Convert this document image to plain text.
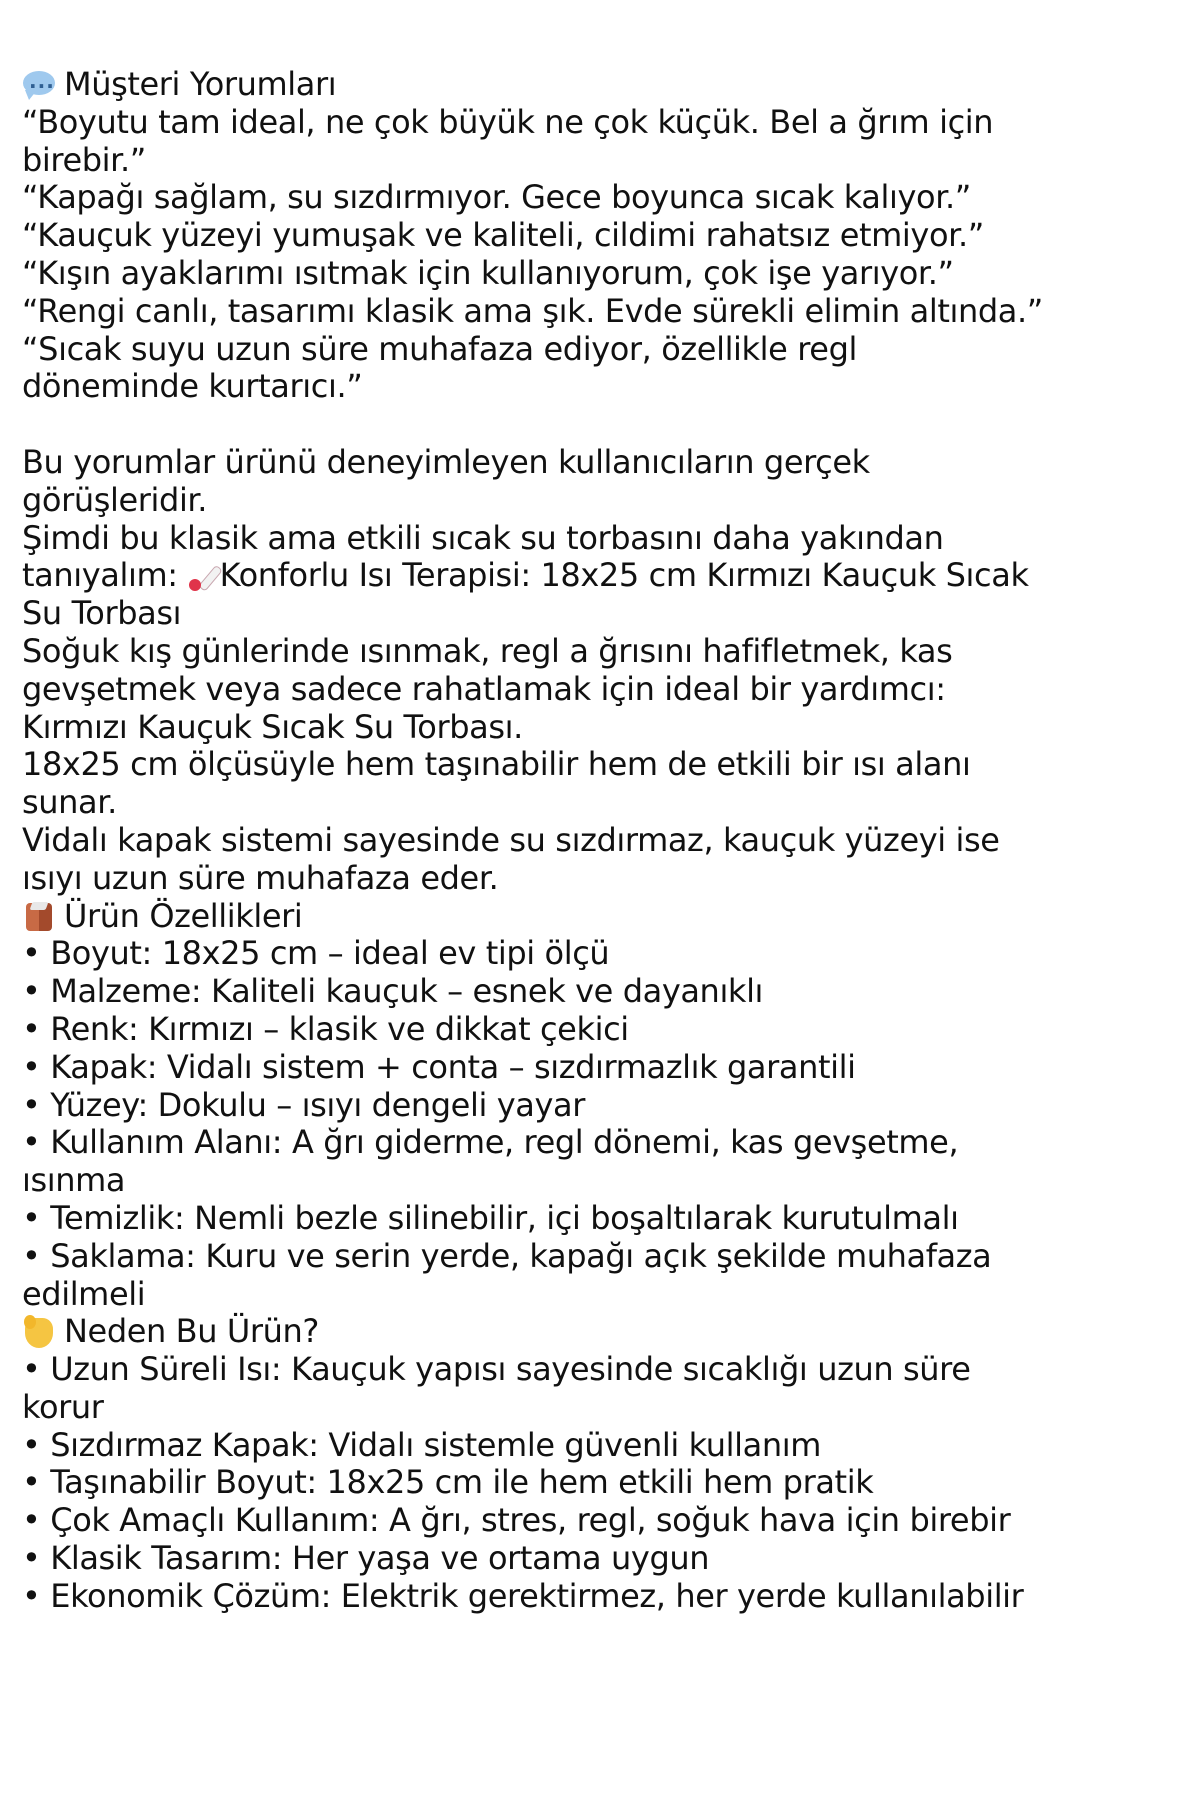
···
Müşteri Yorumları
“Boyutu tam ideal, ne çok büyük ne çok küçük. Bel a ğrım için
birebir.”
“Kapağı sağlam, su sızdırmıyor. Gece boyunca sıcak kalıyor.”
“Kauçuk yüzeyi yumuşak ve kaliteli, cildimi rahatsız etmiyor.”
“Kışın ayaklarımı ısıtmak için kullanıyorum, çok işe yarıyor.”
“Rengi canlı, tasarımı klasik ama şık. Evde sürekli elimin altında.”
“Sıcak suyu uzun süre muhafaza ediyor, özellikle regl
döneminde kurtarıcı.”
Bu yorumlar ürünü deneyimleyen kullanıcıların gerçek
görüşleridir.
Şimdi bu klasik ama etkili sıcak su torbasını daha yakından
tanıyalım: Konforlu Isı Terapisi: 18x25 cm Kırmızı Kauçuk Sıcak
Su Torbası
Soğuk kış günlerinde ısınmak, regl a ğrısını hafifletmek, kas
gevşetmek veya sadece rahatlamak için ideal bir yardımcı:
Kırmızı Kauçuk Sıcak Su Torbası.
18x25 cm ölçüsüyle hem taşınabilir hem de etkili bir ısı alanı
sunar.
Vidalı kapak sistemi sayesinde su sızdırmaz, kauçuk yüzeyi ise
ısıyı uzun süre muhafaza eder.
Ürün Özellikleri
• Boyut: 18x25 cm – ideal ev tipi ölçü
• Malzeme: Kaliteli kauçuk – esnek ve dayanıklı
• Renk: Kırmızı – klasik ve dikkat çekici
• Kapak: Vidalı sistem + conta – sızdırmazlık garantili
• Yüzey: Dokulu – ısıyı dengeli yayar
• Kullanım Alanı: A ğrı giderme, regl dönemi, kas gevşetme,
ısınma
• Temizlik: Nemli bezle silinebilir, içi boşaltılarak kurutulmalı
• Saklama: Kuru ve serin yerde, kapağı açık şekilde muhafaza
edilmeli
Neden Bu Ürün?
• Uzun Süreli Isı: Kauçuk yapısı sayesinde sıcaklığı uzun süre
korur
• Sızdırmaz Kapak: Vidalı sistemle güvenli kullanım
• Taşınabilir Boyut: 18x25 cm ile hem etkili hem pratik
• Çok Amaçlı Kullanım: A ğrı, stres, regl, soğuk hava için birebir
• Klasik Tasarım: Her yaşa ve ortama uygun
• Ekonomik Çözüm: Elektrik gerektirmez, her yerde kullanılabilir
